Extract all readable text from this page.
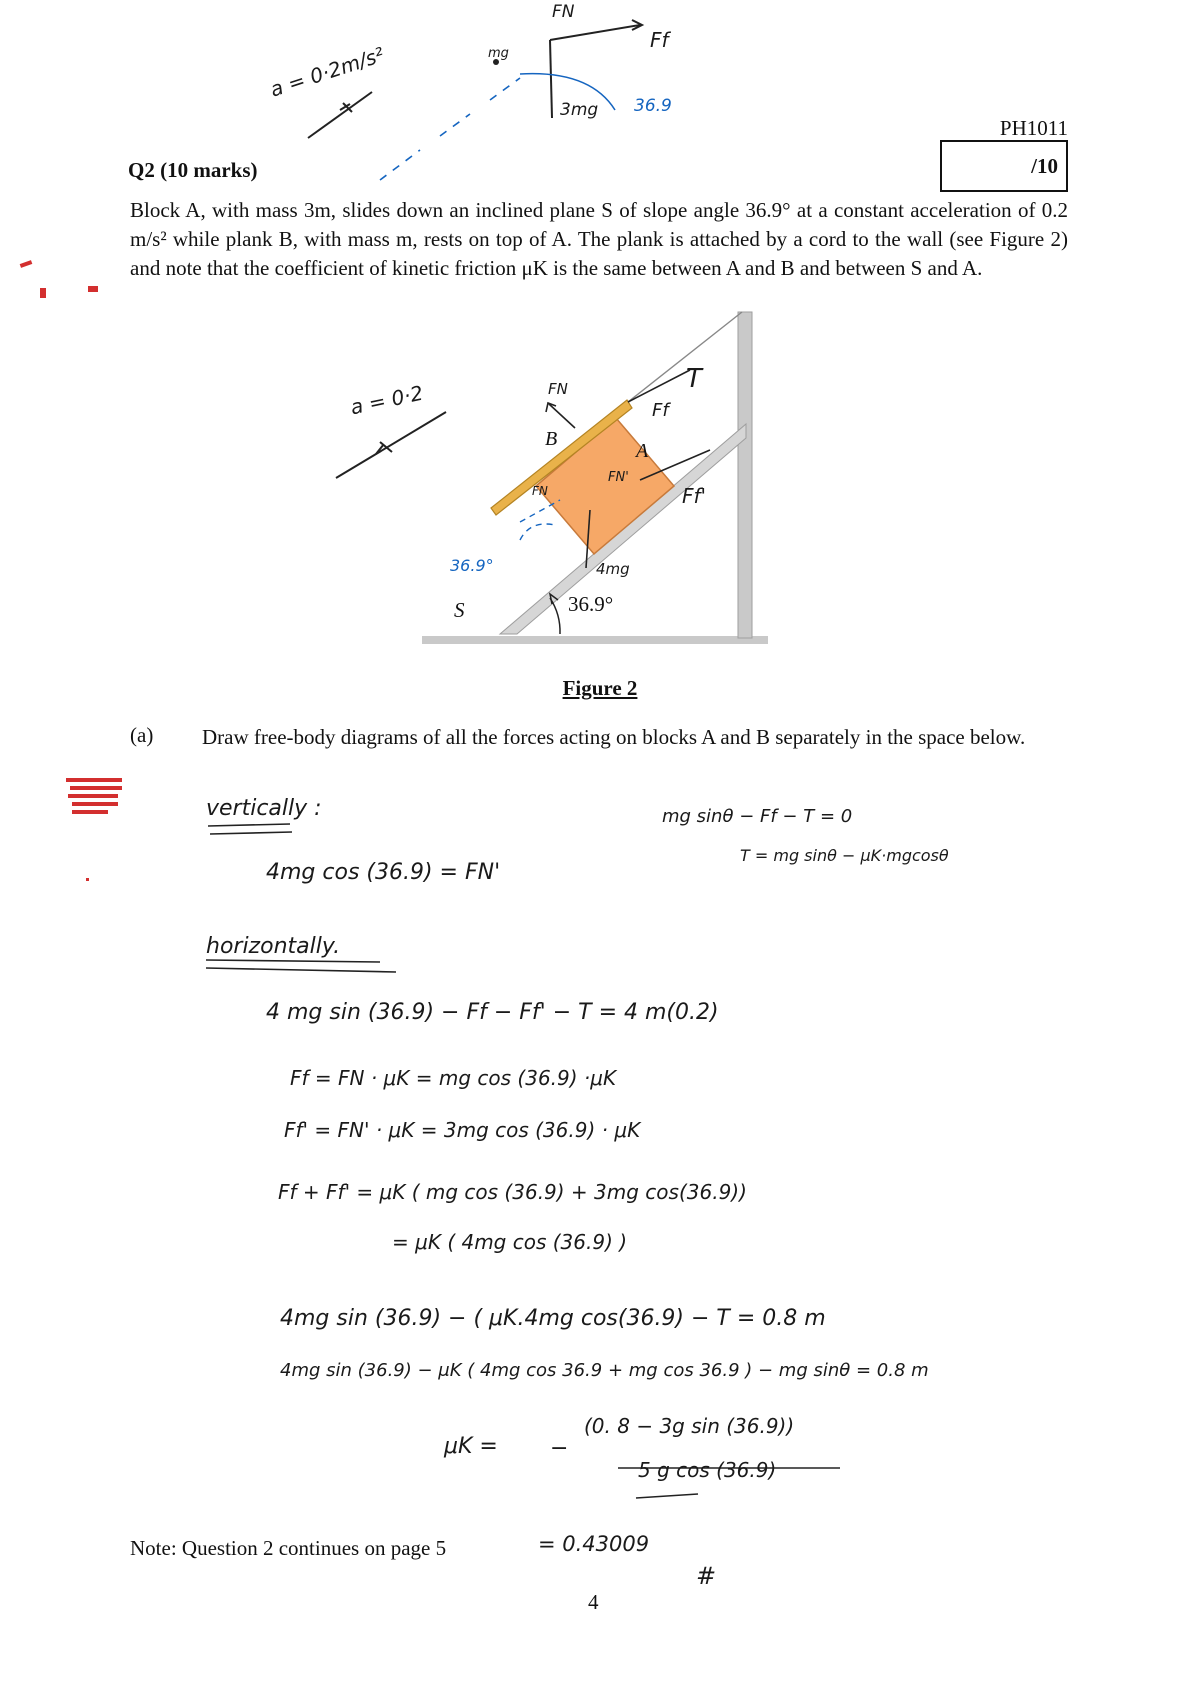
PH1011
/10
Q2 (10 marks)
Block A, with mass 3m, slides down an inclined plane S of slope angle 36.9° at a constant acceleration of 0.2 m/s² while plank B, with mass m, rests on top of A. The plank is attached by a cord to the wall (see Figure 2) and note that the coefficient of kinetic friction μK is the same between A and B and between S and A.
S
A
B
36.9°
a = 0·2m/s²
FN
mg
Ff
3mg 36.9
a = 0·2	FN
Ff
T
FN
FN'
Ff'
4mg
36.9°
Figure 2
(a) Draw free-body diagrams of all the forces acting on blocks A and B separately in the space below.
vertically :
4mg cos (36.9) = FN'
mg sinθ − Ff − T = 0
T = mg sinθ − μK·mgcosθ
horizontally.
4 mg sin (36.9) − Ff − Ff' − T = 4 m(0.2)
Ff = FN · μK = mg cos (36.9) ·μK
Ff' = FN' · μK = 3mg cos (36.9) · μK
Ff + Ff' = μK ( mg cos (36.9) + 3mg cos(36.9))
= μK ( 4mg cos (36.9) )
4mg sin (36.9) − ( μK.4mg cos(36.9) − T = 0.8 m
4mg sin (36.9) − μK ( 4mg cos 36.9 + mg cos 36.9 ) − mg sinθ = 0.8 m
μK = −
(0. 8 − 3g sin (36.9))
5 g cos (36.9)
= 0.43009
#
Note: Question 2 continues on page 5
4
